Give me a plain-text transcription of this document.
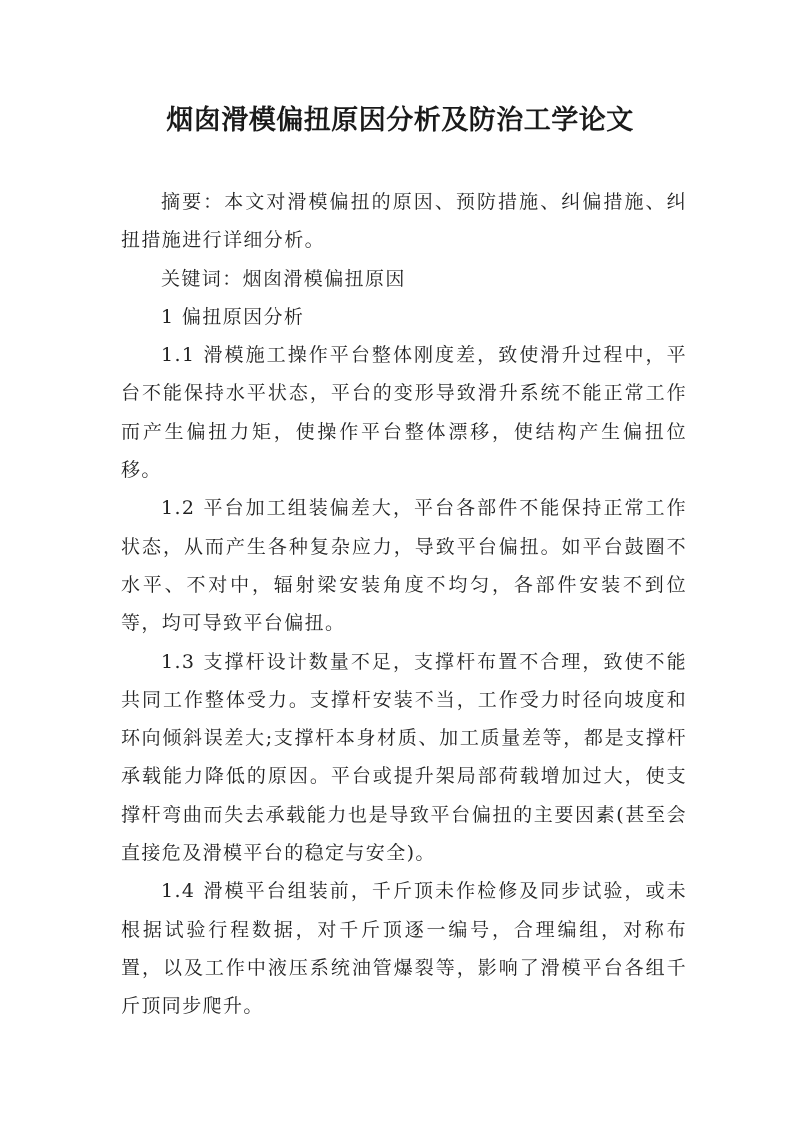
烟囱滑模偏扭原因分析及防治工学论文

摘要：本文对滑模偏扭的原因、预防措施、纠偏措施、纠扭措施进行详细分析。

关键词：烟囱滑模偏扭原因

1 偏扭原因分析

1.1 滑模施工操作平台整体刚度差，致使滑升过程中，平台不能保持水平状态，平台的变形导致滑升系统不能正常工作而产生偏扭力矩，使操作平台整体漂移，使结构产生偏扭位移。

1.2 平台加工组装偏差大，平台各部件不能保持正常工作状态，从而产生各种复杂应力，导致平台偏扭。如平台鼓圈不水平、不对中，辐射梁安装角度不均匀，各部件安装不到位等，均可导致平台偏扭。

1.3 支撑杆设计数量不足，支撑杆布置不合理，致使不能共同工作整体受力。支撑杆安装不当，工作受力时径向坡度和环向倾斜误差大;支撑杆本身材质、加工质量差等，都是支撑杆承载能力降低的原因。平台或提升架局部荷载增加过大，使支撑杆弯曲而失去承载能力也是导致平台偏扭的主要因素(甚至会直接危及滑模平台的稳定与安全)。

1.4 滑模平台组装前，千斤顶未作检修及同步试验，或未根据试验行程数据，对千斤顶逐一编号，合理编组，对称布置，以及工作中液压系统油管爆裂等，影响了滑模平台各组千斤顶同步爬升。
